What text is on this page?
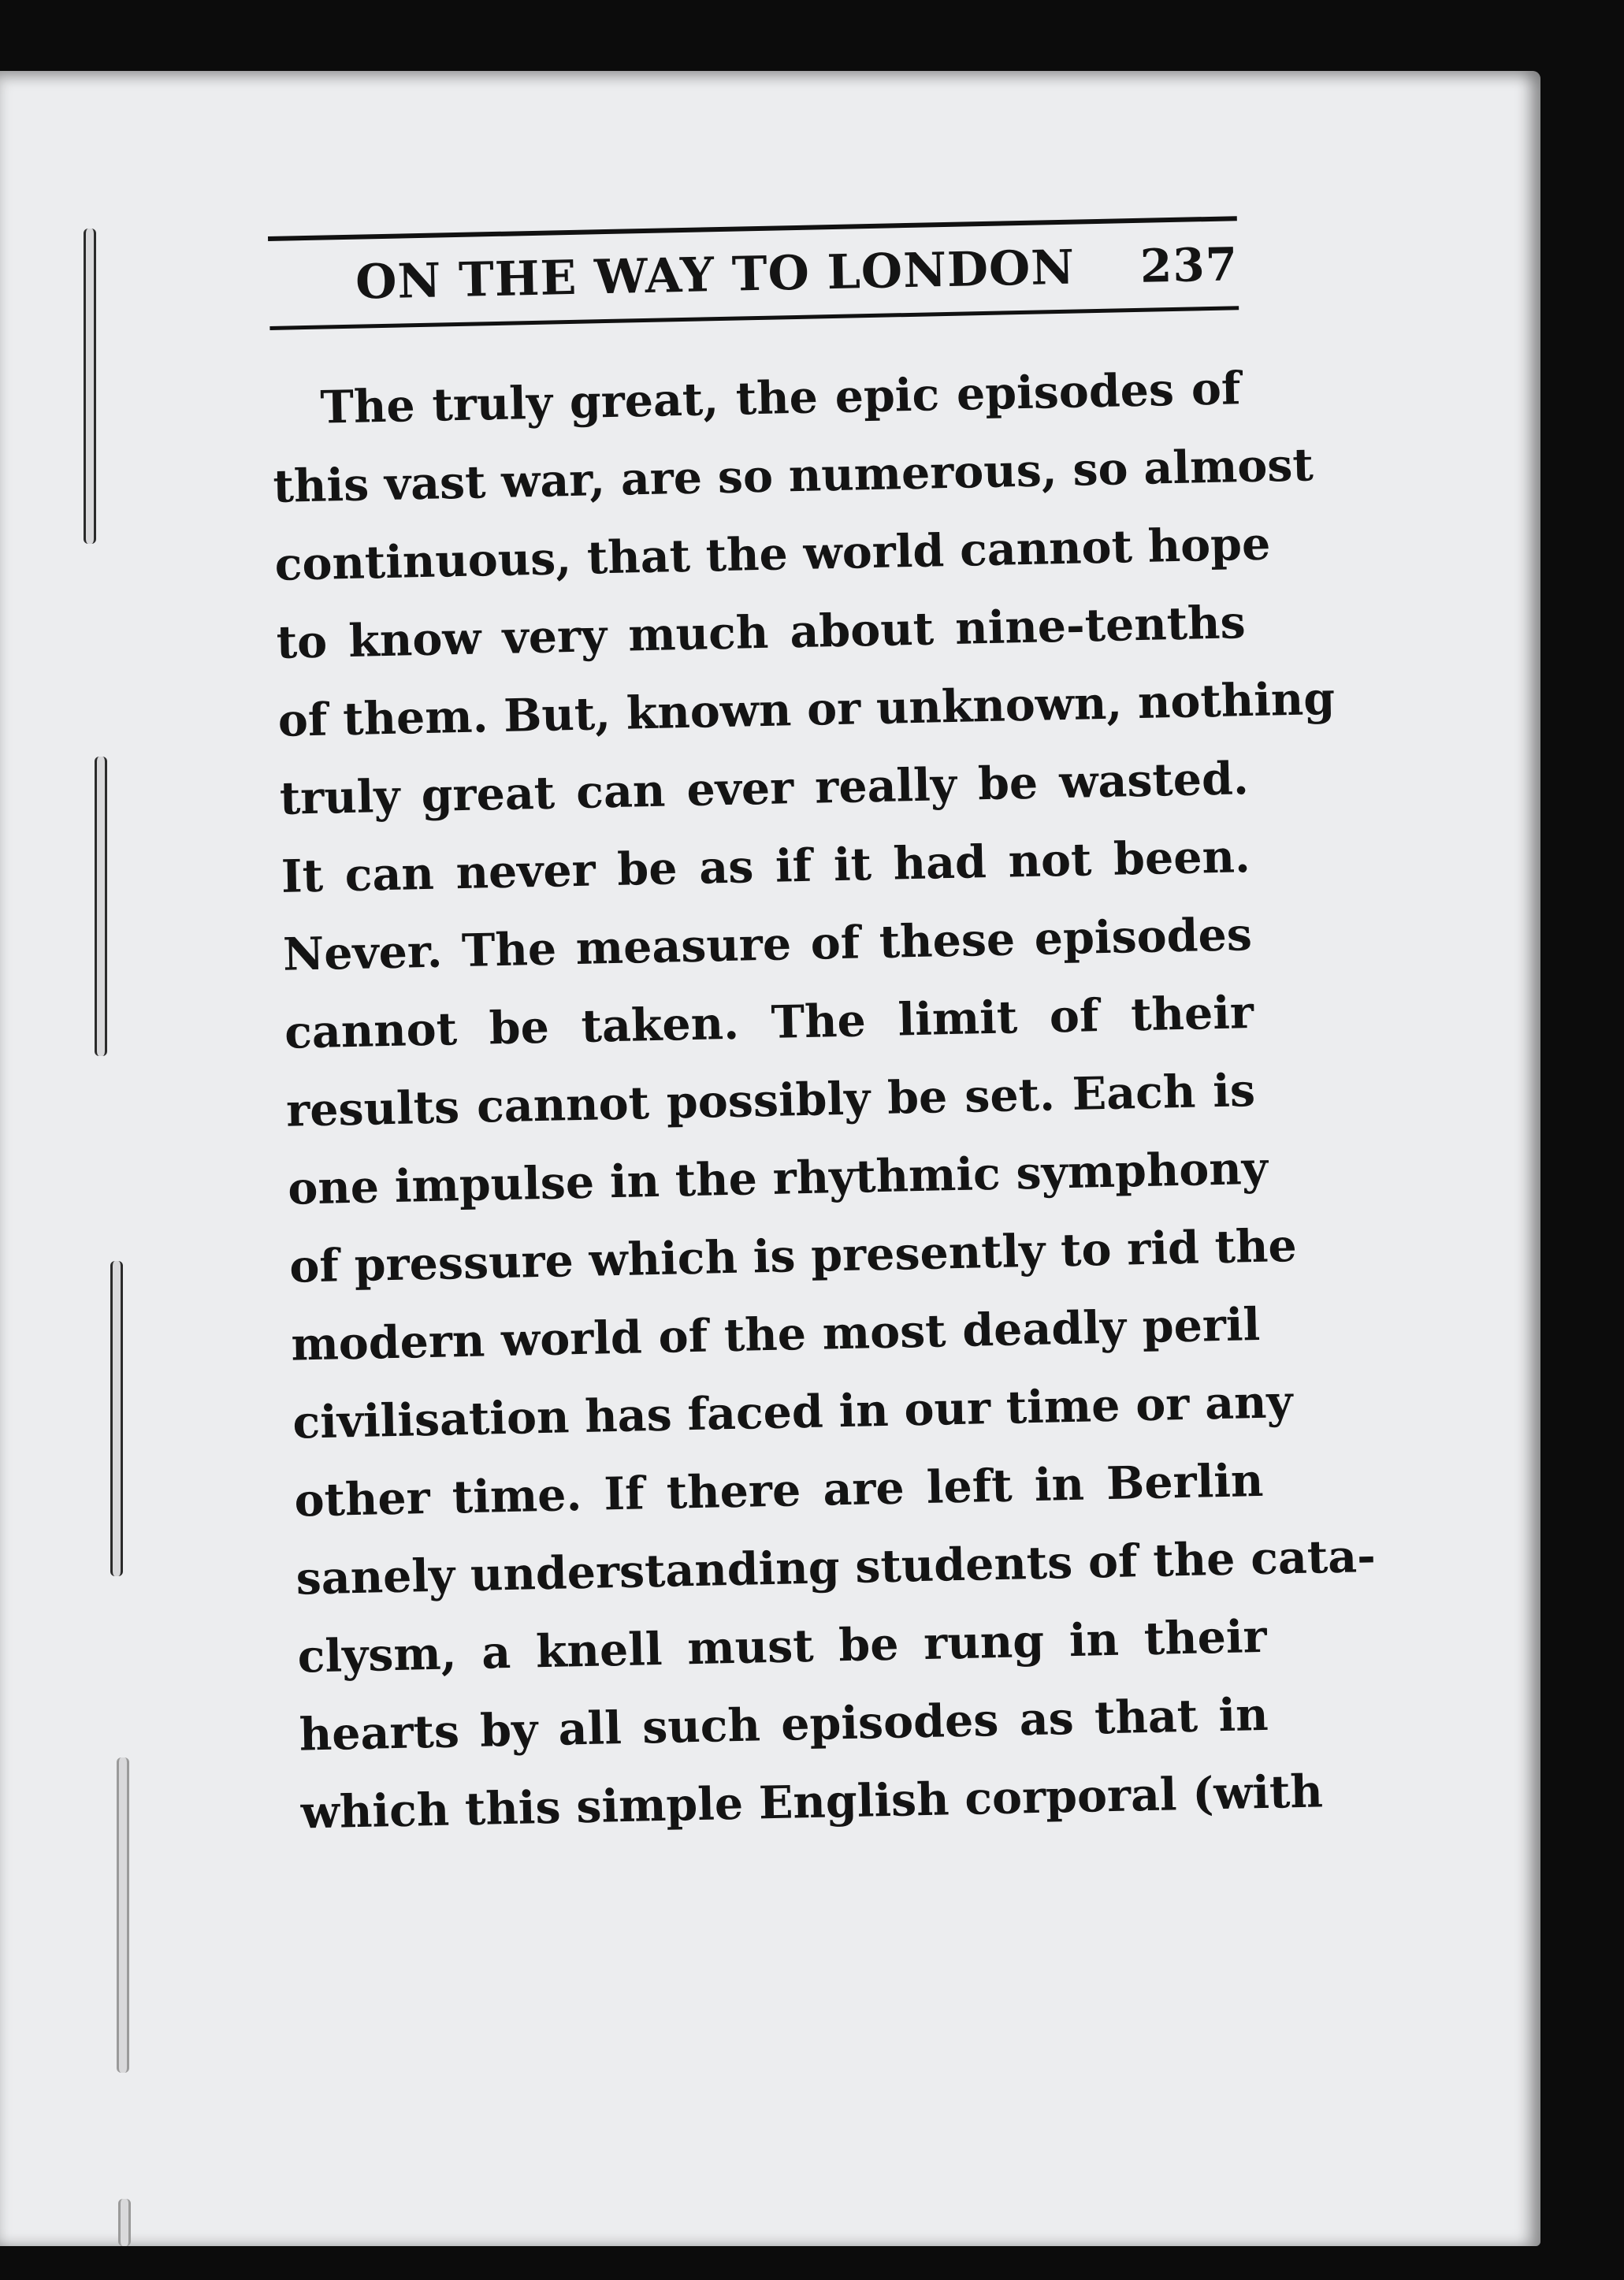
ON THE WAY TO LONDON 237
The truly great, the epic episodes of
this vast war, are so numerous, so almost
continuous, that the world cannot hope
to know very much about nine-tenths
of them. But, known or unknown, nothing
truly great can ever really be wasted.
It can never be as if it had not been.
Never. The measure of these episodes
cannot be taken. The limit of their
results cannot possibly be set. Each is
one impulse in the rhythmic symphony
of pressure which is presently to rid the
modern world of the most deadly peril
civilisation has faced in our time or any
other time. If there are left in Berlin
sanely understanding students of the cata-
clysm, a knell must be rung in their
hearts by all such episodes as that in
which this simple English corporal (with
